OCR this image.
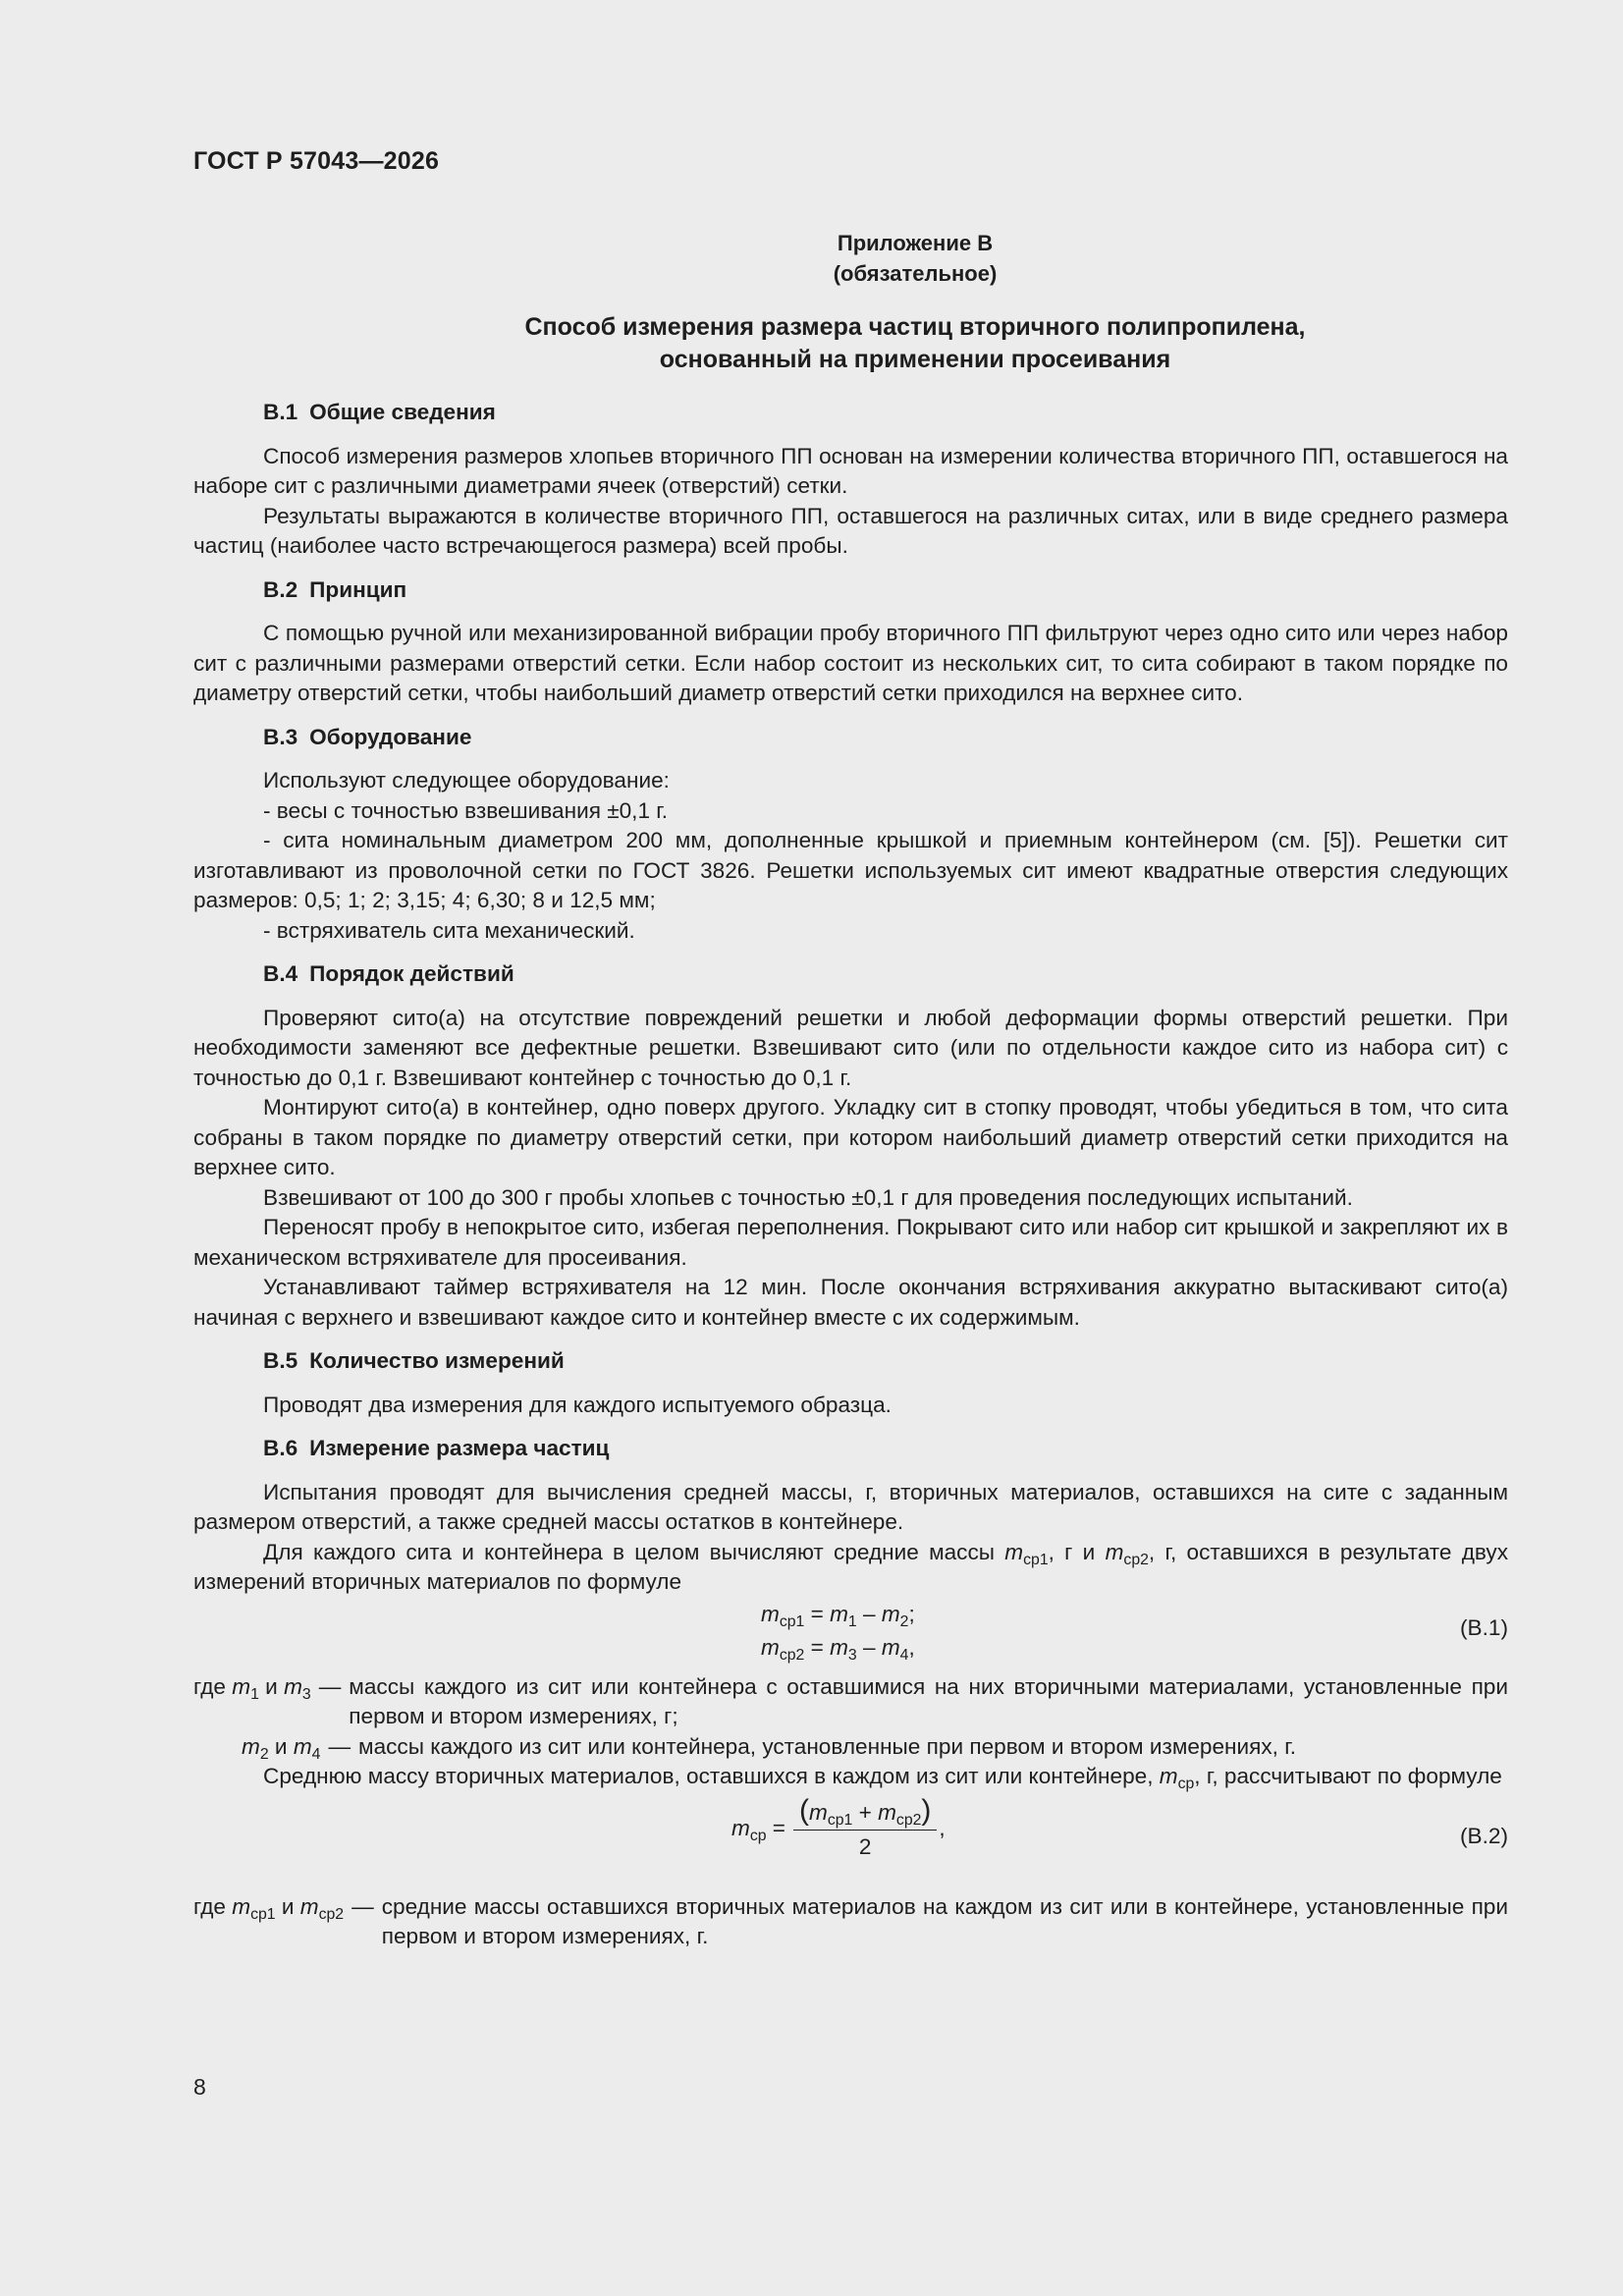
ГОСТ Р 57043—2026
Приложение В
(обязательное)
Способ измерения размера частиц вторичного полипропилена,
основанный на применении просеивания
В.1 Общие сведения

Способ измерения размеров хлопьев вторичного ПП основан на измерении количества вторичного ПП, оставшегося на наборе сит с различными диаметрами ячеек (отверстий) сетки.

Результаты выражаются в количестве вторичного ПП, оставшегося на различных ситах, или в виде среднего размера частиц (наиболее часто встречающегося размера) всей пробы.

В.2 Принцип

С помощью ручной или механизированной вибрации пробу вторичного ПП фильтруют через одно сито или через набор сит с различными размерами отверстий сетки. Если набор состоит из нескольких сит, то сита собирают в таком порядке по диаметру отверстий сетки, чтобы наибольший диаметр отверстий сетки приходился на верхнее сито.

В.3 Оборудование

Используют следующее оборудование:

- весы с точностью взвешивания ±0,1 г.

- сита номинальным диаметром 200 мм, дополненные крышкой и приемным контейнером (см. [5]). Решетки сит изготавливают из проволочной сетки по ГОСТ 3826. Решетки используемых сит имеют квадратные отверстия следующих размеров: 0,5; 1; 2; 3,15; 4; 6,30; 8 и 12,5 мм;

- встряхиватель сита механический.

В.4 Порядок действий

Проверяют сито(а) на отсутствие повреждений решетки и любой деформации формы отверстий решетки. При необходимости заменяют все дефектные решетки. Взвешивают сито (или по отдельности каждое сито из набора сит) с точностью до 0,1 г. Взвешивают контейнер с точностью до 0,1 г.

Монтируют сито(а) в контейнер, одно поверх другого. Укладку сит в стопку проводят, чтобы убедиться в том, что сита собраны в таком порядке по диаметру отверстий сетки, при котором наибольший диаметр отверстий сетки приходится на верхнее сито.

Взвешивают от 100 до 300 г пробы хлопьев с точностью ±0,1 г для проведения последующих испытаний.

Переносят пробу в непокрытое сито, избегая переполнения. Покрывают сито или набор сит крышкой и закрепляют их в механическом встряхивателе для просеивания.

Устанавливают таймер встряхивателя на 12 мин. После окончания встряхивания аккуратно вытаскивают сито(а) начиная с верхнего и взвешивают каждое сито и контейнер вместе с их содержимым.

В.5 Количество измерений

Проводят два измерения для каждого испытуемого образца.

В.6 Измерение размера частиц

Испытания проводят для вычисления средней массы, г, вторичных материалов, оставшихся на сите с заданным размером отверстий, а также средней массы остатков в контейнере.

Для каждого сита и контейнера в целом вычисляют средние массы $m_{ср1}$, г и $m_{ср2}$, г, оставшихся в результате двух измерений вторичных материалов по формуле

$m_{ср1} = m_1 - m_2$;
$m_{ср2} = m_3 - m_4$,
(В.1)
где $m_1$ и $m_3$ — массы каждого из сит или контейнера с оставшимися на них вторичными материалами, установленные при первом и втором измерениях, г;
$m_2$ и $m_4$ — массы каждого из сит или контейнера, установленные при первом и втором измерениях, г.

Среднюю массу вторичных материалов, оставшихся в каждом из сит или контейнере, $m_{ср}$, г, рассчитывают по формуле

$m_{ср} = \frac{(m_{ср1} + m_{ср2})}{2}$ ,	(В.2)
где $m_{ср1}$ и $m_{ср2}$ — средние массы оставшихся вторичных материалов на каждом из сит или в контейнере, установленные при первом и втором измерениях, г.
8
